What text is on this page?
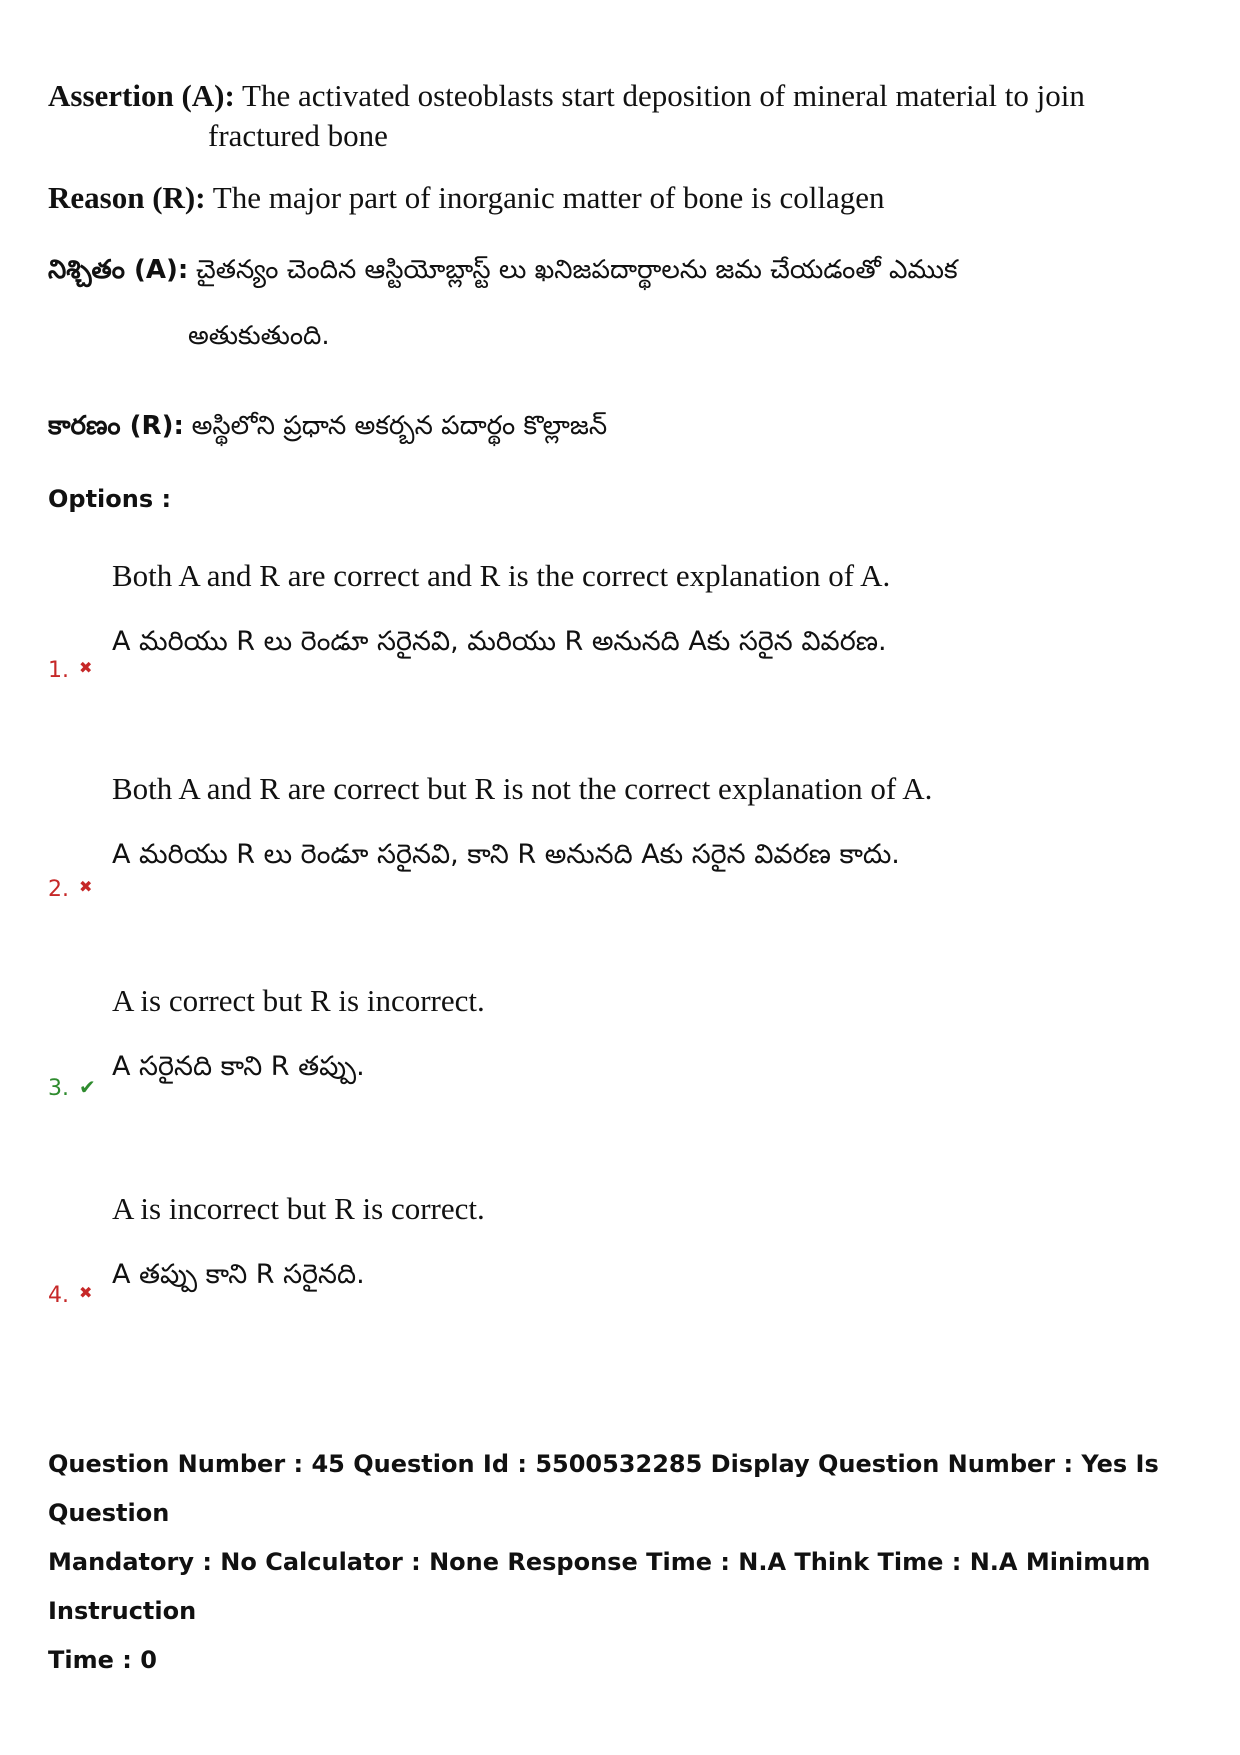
Assertion (A): The activated osteoblasts start deposition of mineral material to join
fractured bone
Reason (R): The major part of inorganic matter of bone is collagen
నిశ్చితం (A): చైతన్యం చెందిన ఆస్టియోబ్లాస్ట్ లు ఖనిజపదార్థాలను జమ చేయడంతో ఎముక
అతుకుతుంది.
కారణం (R): అస్థిలోని ప్రధాన అకర్బన పదార్థం కొల్లాజన్
Options :
Both A and R are correct and R is the correct explanation of A.
A మరియు R లు రెండూ సరైనవి, మరియు R అనునది Aకు సరైన వివరణ.
1. ✖
Both A and R are correct but R is not the correct explanation of A.
A మరియు R లు రెండూ సరైనవి, కాని R అనునది Aకు సరైన వివరణ కాదు.
2. ✖
A is correct but R is incorrect.
A సరైనది కాని R తప్పు.
3. ✔
A is incorrect but R is correct.
A తప్పు కాని R సరైనది.
4. ✖
Question Number : 45 Question Id : 5500532285 Display Question Number : Yes Is Question
Mandatory : No Calculator : None Response Time : N.A Think Time : N.A Minimum Instruction
Time : 0
